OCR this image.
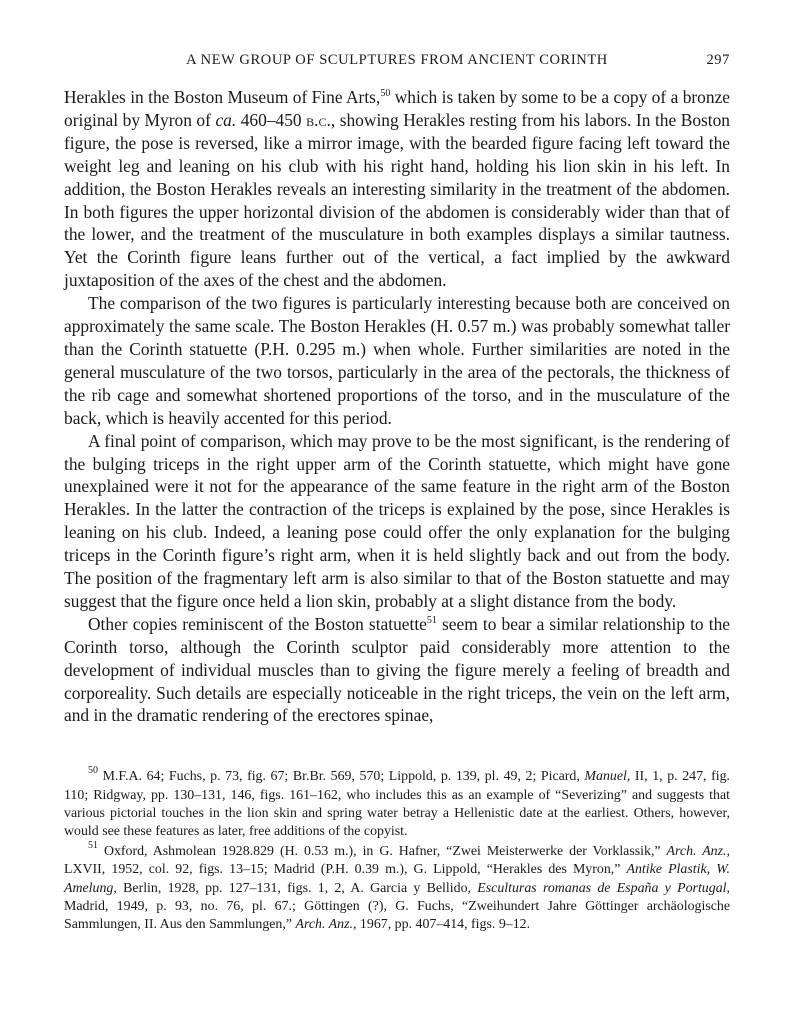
A NEW GROUP OF SCULPTURES FROM ANCIENT CORINTH	297

Herakles in the Boston Museum of Fine Arts,$^{50}$ which is taken by some to be a copy of a bronze original by Myron of ca. 460–450 b.c., showing Herakles resting from his labors. In the Boston figure, the pose is reversed, like a mirror image, with the bearded figure facing left toward the weight leg and leaning on his club with his right hand, holding his lion skin in his left. In addition, the Boston Herakles reveals an interesting similarity in the treatment of the abdomen. In both figures the upper horizontal division of the abdomen is considerably wider than that of the lower, and the treatment of the musculature in both examples displays a similar tautness. Yet the Corinth figure leans further out of the vertical, a fact implied by the awkward juxtaposition of the axes of the chest and the abdomen.

The comparison of the two figures is particularly interesting because both are conceived on approximately the same scale. The Boston Herakles (H. 0.57 m.) was probably somewhat taller than the Corinth statuette (P.H. 0.295 m.) when whole. Further similarities are noted in the general musculature of the two torsos, particularly in the area of the pectorals, the thickness of the rib cage and somewhat shortened proportions of the torso, and in the musculature of the back, which is heavily accented for this period.

A final point of comparison, which may prove to be the most significant, is the rendering of the bulging triceps in the right upper arm of the Corinth statuette, which might have gone unexplained were it not for the appearance of the same feature in the right arm of the Boston Herakles. In the latter the contraction of the triceps is explained by the pose, since Herakles is leaning on his club. Indeed, a leaning pose could offer the only explanation for the bulging triceps in the Corinth figure’s right arm, when it is held slightly back and out from the body. The position of the fragmentary left arm is also similar to that of the Boston statuette and may suggest that the figure once held a lion skin, probably at a slight distance from the body.

Other copies reminiscent of the Boston statuette$^{51}$ seem to bear a similar relationship to the Corinth torso, although the Corinth sculptor paid considerably more attention to the development of individual muscles than to giving the figure merely a feeling of breadth and corporeality. Such details are especially noticeable in the right triceps, the vein on the left arm, and in the dramatic rendering of the erectores spinae,

$^{50}$ M.F.A. 64; Fuchs, p. 73, fig. 67; Br.Br. 569, 570; Lippold, p. 139, pl. 49, 2; Picard, Manuel, II, 1, p. 247, fig. 110; Ridgway, pp. 130–131, 146, figs. 161–162, who includes this as an example of “Severizing” and suggests that various pictorial touches in the lion skin and spring water betray a Hellenistic date at the earliest. Others, however, would see these features as later, free additions of the copyist.

$^{51}$ Oxford, Ashmolean 1928.829 (H. 0.53 m.), in G. Hafner, “Zwei Meisterwerke der Vorklassik,” Arch. Anz., LXVII, 1952, col. 92, figs. 13–15; Madrid (P.H. 0.39 m.), G. Lippold, “Herakles des Myron,” Antike Plastik, W. Amelung, Berlin, 1928, pp. 127–131, figs. 1, 2, A. Garcia y Bellido, Esculturas romanas de España y Portugal, Madrid, 1949, p. 93, no. 76, pl. 67.; Göttingen (?), G. Fuchs, “Zweihundert Jahre Göttinger archäologische Sammlungen, II. Aus den Sammlungen,” Arch. Anz., 1967, pp. 407–414, figs. 9–12.
